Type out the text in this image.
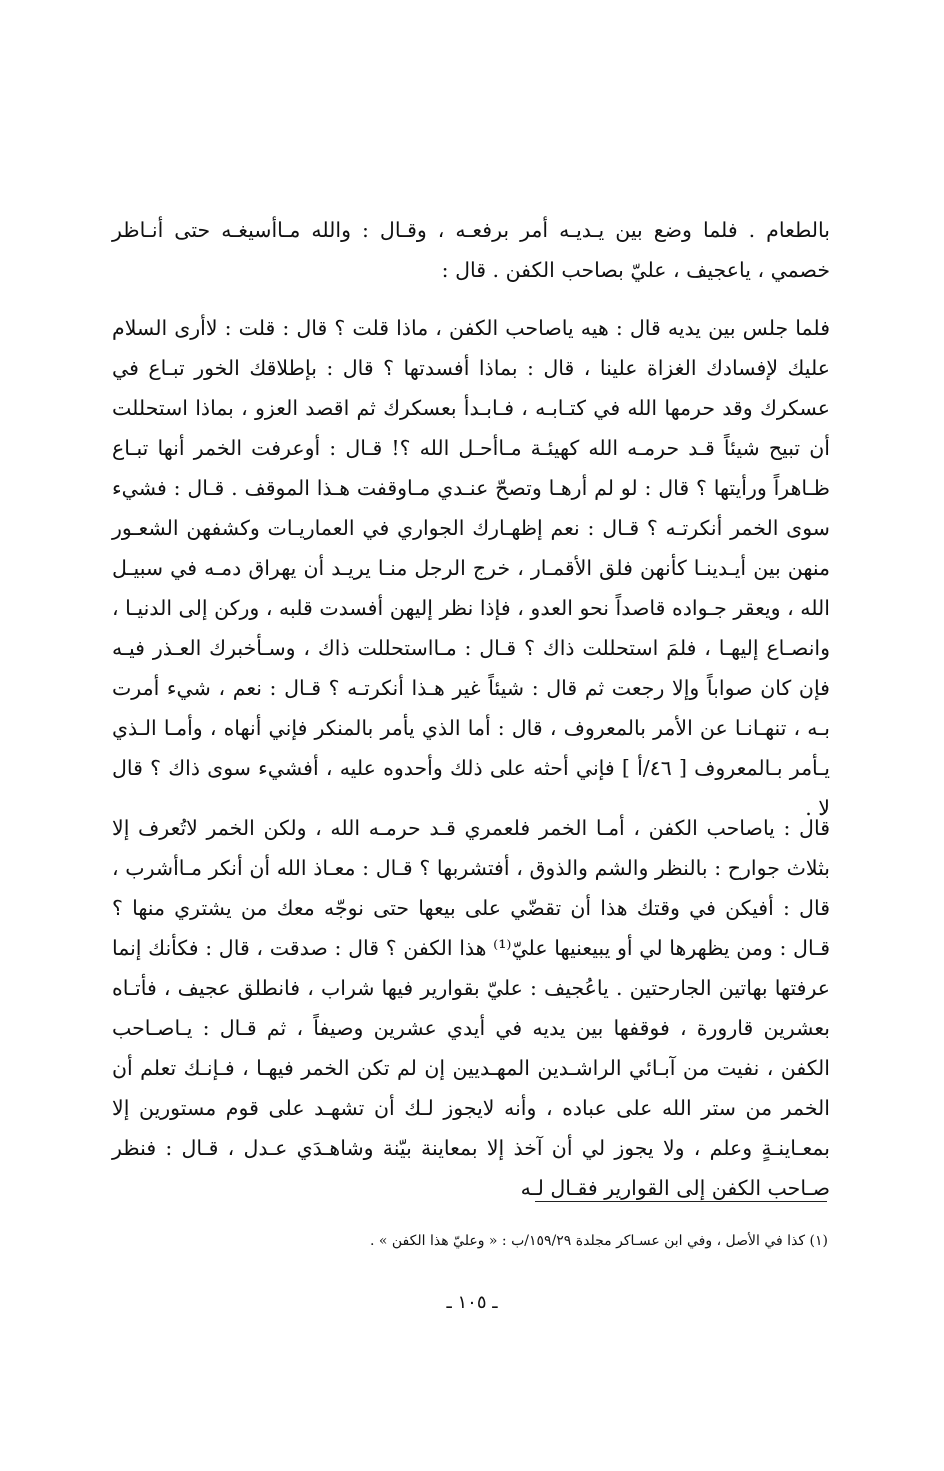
بالطعام . فلما وضع بين يـديـه أمر برفعـه ، وقـال : والله مـاأسيغـه حتى أنـاظر خصمي ، ياعجيف ، عليّ بصاحب الكفن . قال :

فلما جلس بين يديه قال : هيه ياصاحب الكفن ، ماذا قلت ؟ قال : قلت : لاأرى السلام عليك لإفسادك الغزاة علينا ، قال : بماذا أفسدتها ؟ قال : بإطلاقك الخور تبـاع في عسكرك وقد حرمها الله في كتـابـه ، فـابـدأ بعسكرك ثم اقصد العزو ، بماذا استحللت أن تبيح شيئاً قـد حرمـه الله كهيئـة مـاأحـل الله ؟! قـال : أوعرفت الخمر أنها تبـاع ظـاهراً ورأيتها ؟ قال : لو لم أرهـا وتصحّ عنـدي مـاوقفت هـذا الموقف . قـال : فشيء سوى الخمر أنكرتـه ؟ قـال : نعم إظهـارك الجواري في العماريـات وكشفهن الشعـور منهن بين أيـدينـا كأنهن فلق الأقمـار ، خرج الرجل منـا يريـد أن يهراق دمـه في سبيـل الله ، ويعقر جـواده قاصداً نحو العدو ، فإذا نظر إليهن أفسدت قلبه ، وركن إلى الدنيـا ، وانصـاع إليهـا ، فلمَ استحللت ذاك ؟ قـال : مـااستحللت ذاك ، وسـأخبرك العـذر فيـه فإن كان صواباً وإلا رجعت ثم قال : شيئاً غير هـذا أنكرتـه ؟ قـال : نعم ، شيء أمرت بـه ، تنهـانـا عن الأمر بالمعروف ، قال : أما الذي يأمر بالمنكر فإني أنهاه ، وأمـا الـذي يـأمر بـالمعروف [ ٤٦/أ ] فإني أحثه على ذلك وأحدوه عليه ، أفشيء سوى ذاك ؟ قال لا .

قال : ياصاحب الكفن ، أمـا الخمر فلعمري قـد حرمـه الله ، ولكن الخمر لاتُعرف إلا بثلاث جوارح : بالنظر والشم والذوق ، أفتشربها ؟ قـال : معـاذ الله أن أنكر مـاأشرب ، قال : أفيكن في وقتك هذا أن تقضّي على بيعها حتى نوجّه معك من يشتري منها ؟ قـال : ومن يظهرها لي أو يبيعنيها عليّ⁽¹⁾ هذا الكفن ؟ قال : صدقت ، قال : فكأنك إنما عرفتها بهاتين الجارحتين . ياعُجيف : عليّ بقوارير فيها شراب ، فانطلق عجيف ، فأتـاه بعشرين قارورة ، فوقفها بين يديه في أيدي عشرين وصيفاً ، ثم قـال : يـاصـاحب الكفن ، نفيت من آبـائي الراشـدين المهـديين إن لم تكن الخمر فيهـا ، فـإنـك تعلم أن الخمر من ستر الله على عباده ، وأنه لايجوز لـك أن تشهـد على قوم مستورين إلا بمعـاينـةٍ وعلم ، ولا يجوز لي أن آخذ إلا بمعاينة بيّنة وشاهـدَي عـدل ، قـال : فنظر صـاحب الكفن إلى القوارير فقـال لـه

(١) كذا في الأصل ، وفي ابن عسـاكر مجلدة ١٥٩/٢٩/ب : « وعليّ هذا الكفن » .
ـ ١٠٥ ـ
